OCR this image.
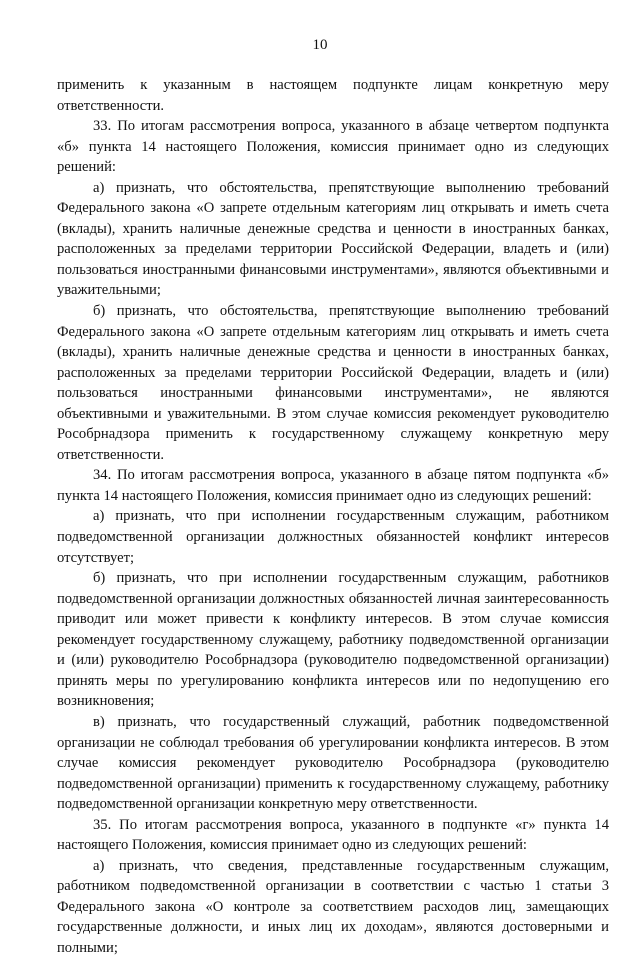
10

применить к указанным в настоящем подпункте лицам конкретную меру ответственности.

33. По итогам рассмотрения вопроса, указанного в абзаце четвертом подпункта «б» пункта 14 настоящего Положения, комиссия принимает одно из следующих решений:

а) признать, что обстоятельства, препятствующие выполнению требований Федерального закона «О запрете отдельным категориям лиц открывать и иметь счета (вклады), хранить наличные денежные средства и ценности в иностранных банках, расположенных за пределами территории Российской Федерации, владеть и (или) пользоваться иностранными финансовыми инструментами», являются объективными и уважительными;

б) признать, что обстоятельства, препятствующие выполнению требований Федерального закона «О запрете отдельным категориям лиц открывать и иметь счета (вклады), хранить наличные денежные средства и ценности в иностранных банках, расположенных за пределами территории Российской Федерации, владеть и (или) пользоваться иностранными финансовыми инструментами», не являются объективными и уважительными. В этом случае комиссия рекомендует руководителю Рособрнадзора применить к государственному служащему конкретную меру ответственности.

34. По итогам рассмотрения вопроса, указанного в абзаце пятом подпункта «б» пункта 14 настоящего Положения, комиссия принимает одно из следующих решений:

а) признать, что при исполнении государственным служащим, работником подведомственной организации должностных обязанностей конфликт интересов отсутствует;

б) признать, что при исполнении государственным служащим, работников подведомственной организации должностных обязанностей личная заинтересованность приводит или может привести к конфликту интересов. В этом случае комиссия рекомендует государственному служащему, работнику подведомственной организации и (или) руководителю Рособрнадзора (руководителю подведомственной организации) принять меры по урегулированию конфликта интересов или по недопущению его возникновения;

в) признать, что государственный служащий, работник подведомственной организации не соблюдал требования об урегулировании конфликта интересов. В этом случае комиссия рекомендует руководителю Рособрнадзора (руководителю подведомственной организации) применить к государственному служащему, работнику подведомственной организации конкретную меру ответственности.

35. По итогам рассмотрения вопроса, указанного в подпункте «г» пункта 14 настоящего Положения, комиссия принимает одно из следующих решений:

а) признать, что сведения, представленные государственным служащим, работником подведомственной организации в соответствии с частью 1 статьи 3 Федерального закона «О контроле за соответствием расходов лиц, замещающих государственные должности, и иных лиц их доходам», являются достоверными и полными;
